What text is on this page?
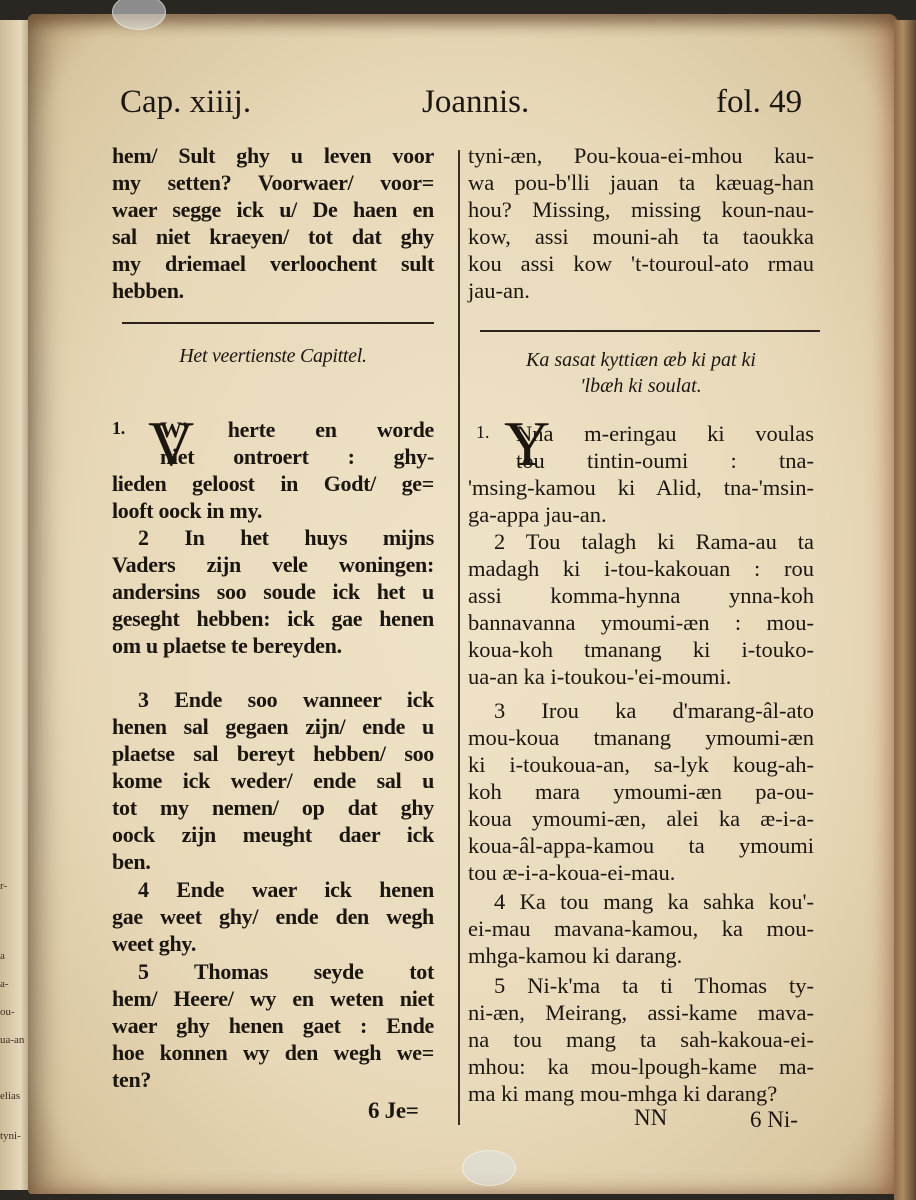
r-
a
a-
ou-
ua-an
elias
tyni-
Cap. xiiij.	Joannis.	fol. 49
hem/ Sult ghy u leven voor
my setten? Voorwaer/ voor=
waer segge ick u/ De haen en
sal niet kraeyen/ tot dat ghy
my driemael verloochent sult
hebben.
Het veertienste Capittel.
1. V
W' herte en worde
niet ontroert : ghy-
lieden geloost in Godt/ ge=
looft oock in my.
2 In het huys mijns
Vaders zijn vele woningen:
andersins soo soude ick het u
geseght hebben: ick gae henen
om u plaetse te bereyden.
3 Ende soo wanneer ick
henen sal gegaen zijn/ ende u
plaetse sal bereyt hebben/ soo
kome ick weder/ ende sal u
tot my nemen/ op dat ghy
oock zijn meught daer ick
ben.
4 Ende waer ick henen
gae weet ghy/ ende den wegh
weet ghy.
5 Thomas seyde tot
hem/ Heere/ wy en weten niet
waer ghy henen gaet : Ende
hoe konnen wy den wegh we=
ten?
6 Je=
tyni-æn, Pou-koua-ei-mhou kau-
wa pou-b'lli jauan ta kæuag-han
hou? Missing, missing koun-nau-
kow, assi mouni-ah ta taoukka
kou assi kow 't-touroul-ato rmau
jau-an.
Ka sasat kyttiæn æb ki pat ki
'lbæh ki soulat.
1. Y
Nna m-eringau ki voulas
tou tintin-oumi : tna-
'msing-kamou ki Alid, tna-'msin-
ga-appa jau-an.
2 Tou talagh ki Rama-au ta
madagh ki i-tou-kakouan : rou
assi komma-hynna ynna-koh
bannavanna ymoumi-æn : mou-
koua-koh tmanang ki i-touko-
ua-an ka i-toukou-'ei-moumi.
3 Irou ka d'marang-âl-ato
mou-koua tmanang ymoumi-æn
ki i-toukoua-an, sa-lyk koug-ah-
koh mara ymoumi-æn pa-ou-
koua ymoumi-æn, alei ka æ-i-a-
koua-âl-appa-kamou ta ymoumi
tou æ-i-a-koua-ei-mau.
4 Ka tou mang ka sahka kou'-
ei-mau mavana-kamou, ka mou-
mhga-kamou ki darang.
5 Ni-k'ma ta ti Thomas ty-
ni-æn, Meirang, assi-kame mava-
na tou mang ta sah-kakoua-ei-
mhou: ka mou-lpough-kame ma-
ma ki mang mou-mhga ki darang?
NN	6 Ni-
